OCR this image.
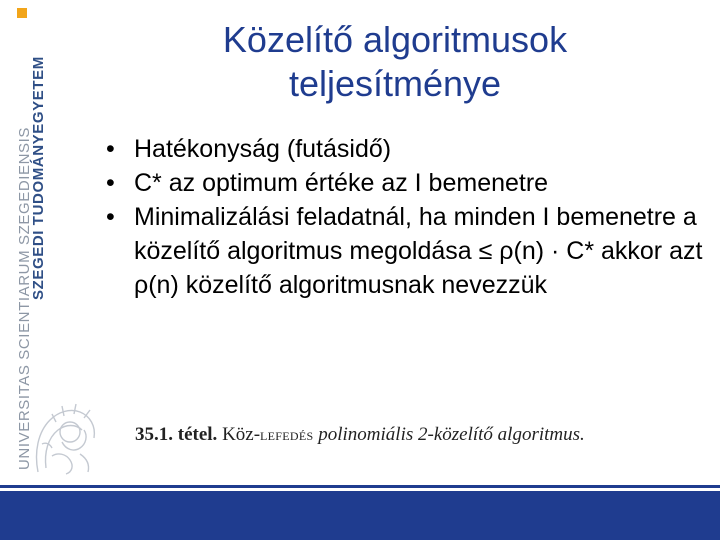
UNIVERSITAS SCIENTIARUM SZEGEDIENSIS
SZEGEDI TUDOMÁNYEGYETEM
Közelítő algoritmusok
teljesítménye
• Hatékonyság (futásidő)
• C* az optimum értéke az I bemenetre
• Minimalizálási feladatnál, ha minden I bemenetre a közelítő algoritmus megoldása ≤ ρ(n) · C* akkor azt ρ(n) közelítő algoritmusnak nevezzük
35.1. tétel. Köz-LEFEDÉS polinomiális 2-közelítő algoritmus.
